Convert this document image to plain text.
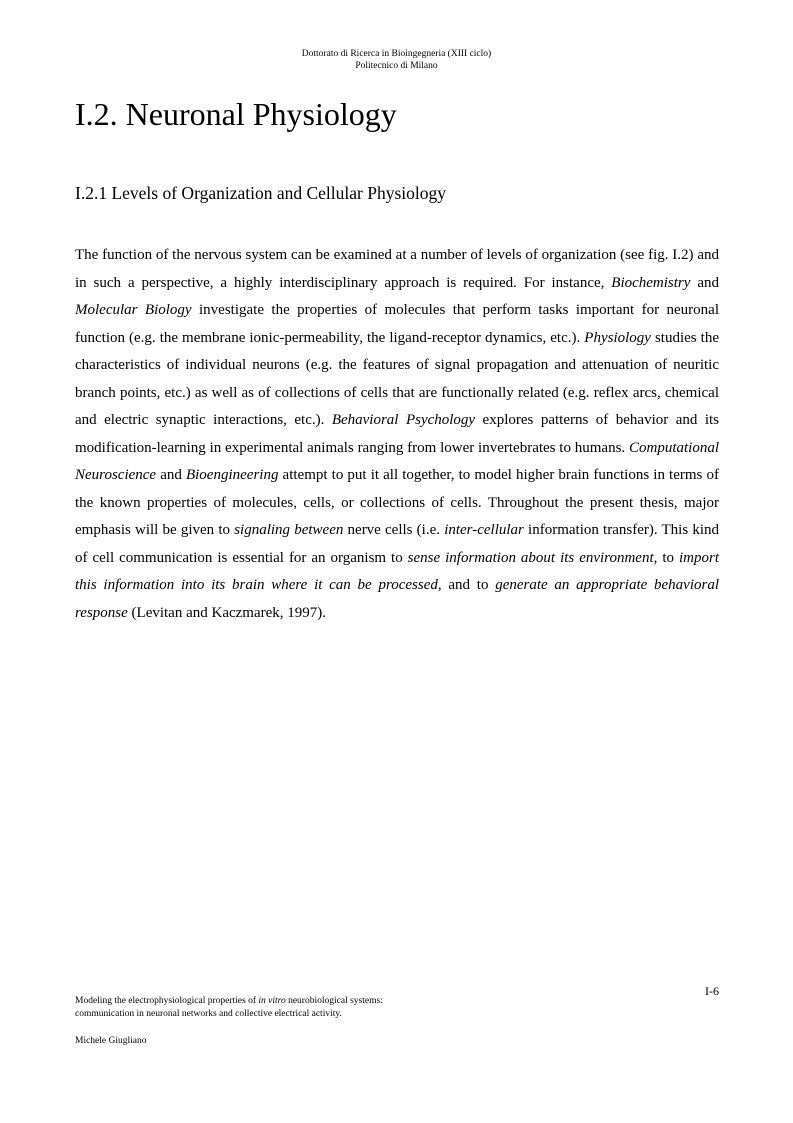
Dottorato di Ricerca in Bioingegneria (XIII ciclo)
Politecnico di Milano
I.2. Neuronal Physiology
I.2.1 Levels of Organization and Cellular Physiology

The function of the nervous system can be examined at a number of levels of organization (see fig. I.2) and in such a perspective, a highly interdisciplinary approach is required. For instance, Biochemistry and Molecular Biology investigate the properties of molecules that perform tasks important for neuronal function (e.g. the membrane ionic-permeability, the ligand-receptor dynamics, etc.). Physiology studies the characteristics of individual neurons (e.g. the features of signal propagation and attenuation of neuritic branch points, etc.) as well as of collections of cells that are functionally related (e.g. reflex arcs, chemical and electric synaptic interactions, etc.). Behavioral Psychology explores patterns of behavior and its modification-learning in experimental animals ranging from lower invertebrates to humans. Computational Neuroscience and Bioengineering attempt to put it all together, to model higher brain functions in terms of the known properties of molecules, cells, or collections of cells. Throughout the present thesis, major emphasis will be given to signaling between nerve cells (i.e. inter-cellular information transfer). This kind of cell communication is essential for an organism to sense information about its environment, to import this information into its brain where it can be processed, and to generate an appropriate behavioral response (Levitan and Kaczmarek, 1997).

I-6

Modeling the electrophysiological properties of in vitro neurobiological systems:

communication in neuronal networks and collective electrical activity.

Michele Giugliano
